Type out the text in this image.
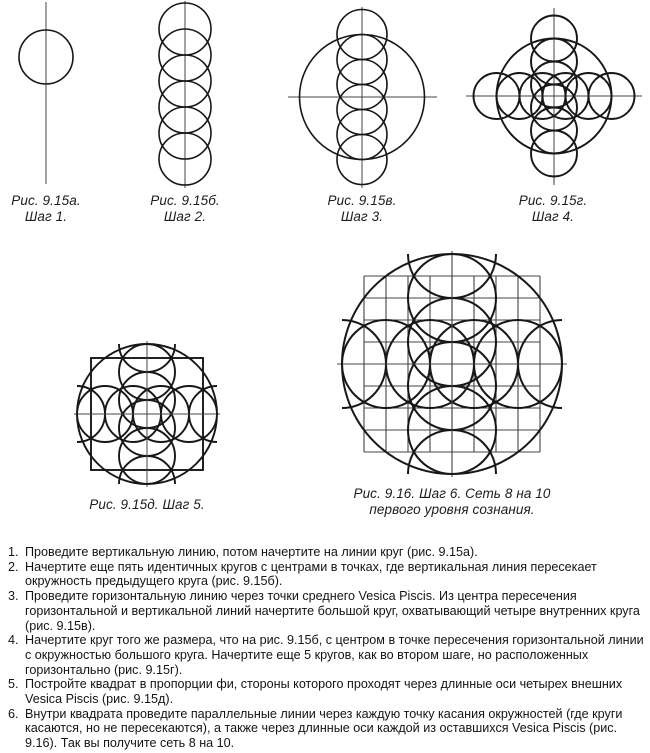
Рис. 9.15а.
Шаг 1.
Рис. 9.15б.
Шаг 2.
Рис. 9.15в.
Шаг 3.
Рис. 9.15г.
Шаг 4.
Рис. 9.15д. Шаг 5.
Рис. 9.16. Шаг 6. Сеть 8 на 10
первого уровня сознания.
1. Проведите вертикальную линию, потом начертите на линии круг (рис. 9.15а).
2. Начертите еще пять идентичных кругов с центрами в точках, где вертикальная линия пересекает окружность предыдущего круга (рис. 9.15б).
3. Проведите горизонтальную линию через точки среднего Vesica Piscis. Из центра пересечения горизонтальной и вертикальной линий начертите большой круг, охватывающий четыре внутренних круга (рис. 9.15в).
4. Начертите круг того же размера, что на рис. 9.15б, с центром в точке пересечения горизонтальной линии с окружностью большого круга. Начертите еще 5 кругов, как во втором шаге, но расположенных горизонтально (рис. 9.15г).
5. Постройте квадрат в пропорции фи, стороны которого проходят через длинные оси четырех внешних Vesica Piscis (рис. 9.15д).
6. Внутри квадрата проведите параллельные линии через каждую точку касания окружностей (где круги касаются, но не пересекаются), а также через длинные оси каждой из оставшихся Vesica Piscis (рис. 9.16). Так вы получите сеть 8 на 10.
